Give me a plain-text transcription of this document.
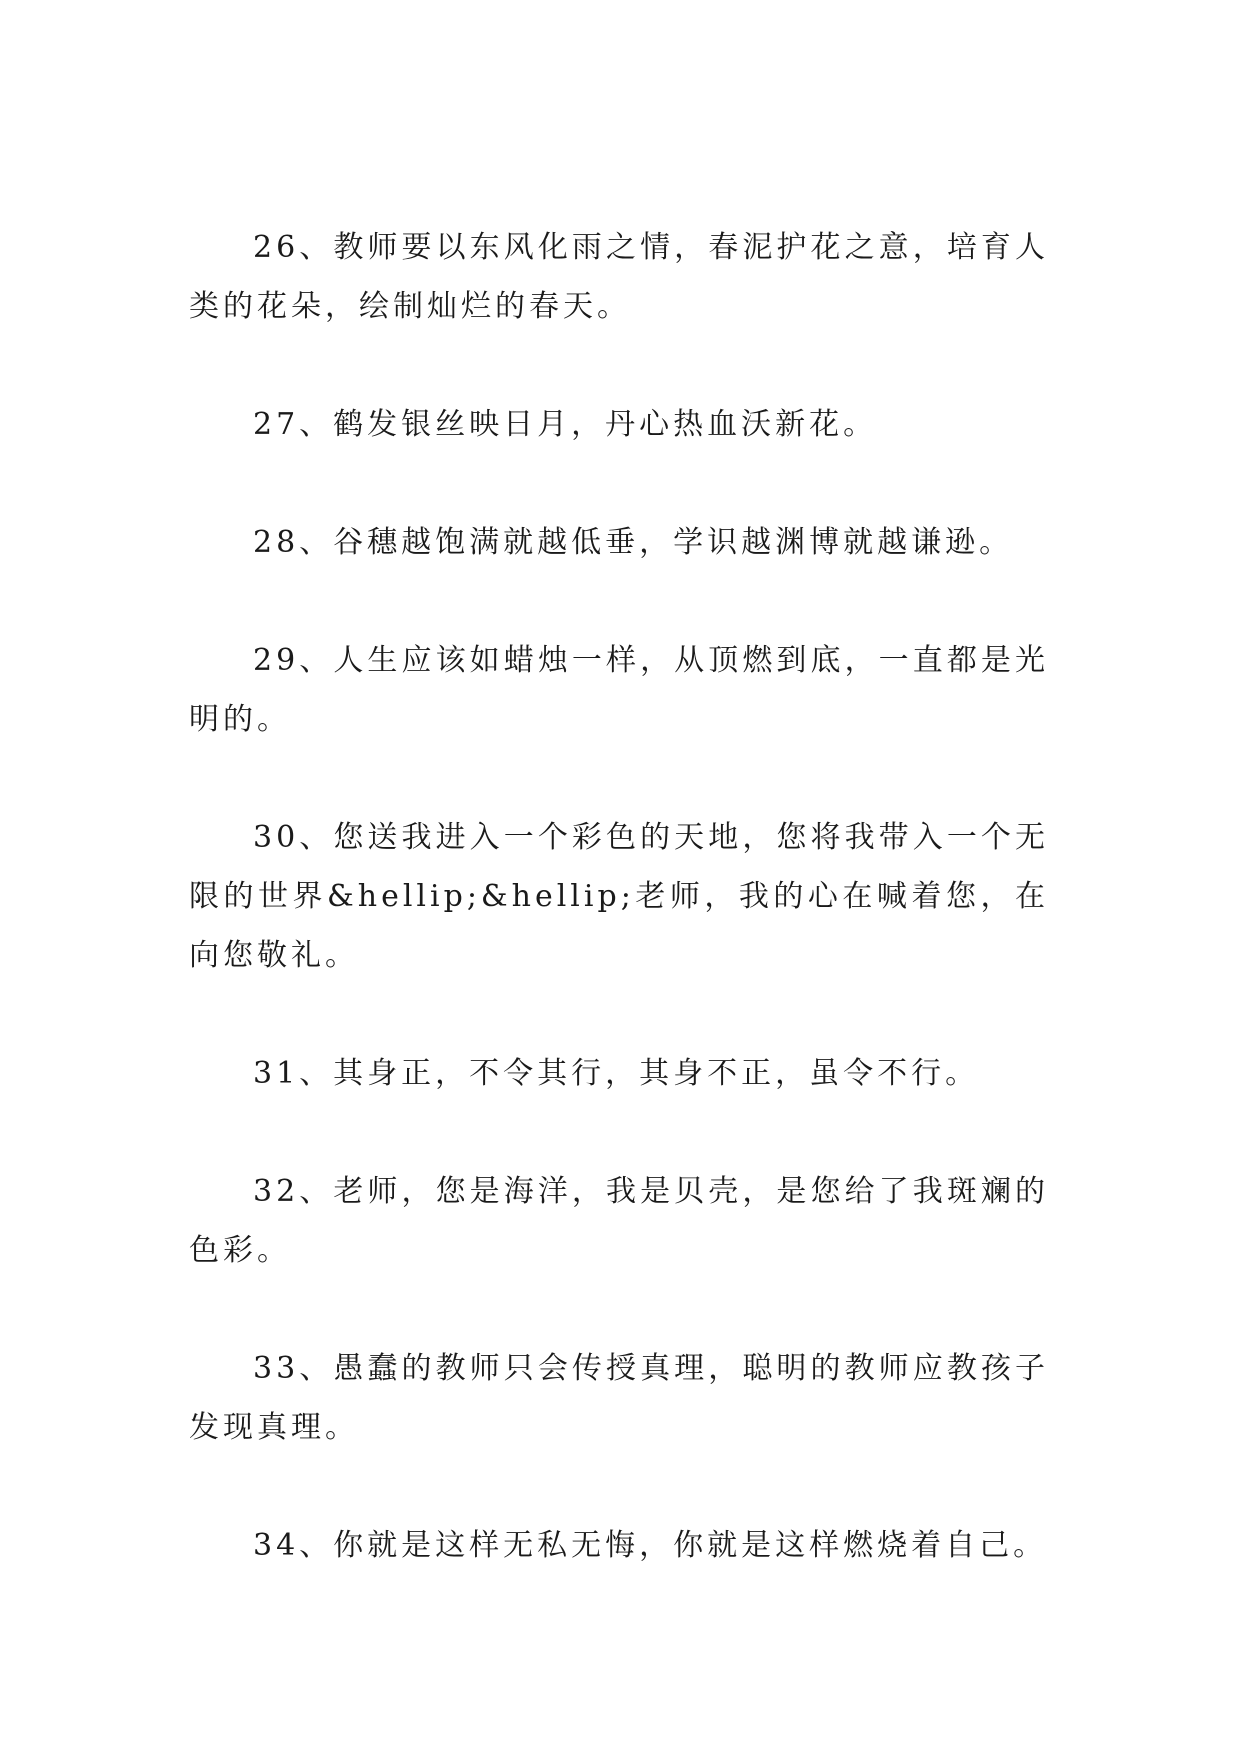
26、教师要以东风化雨之情，春泥护花之意，培育人类的花朵，绘制灿烂的春天。

27、鹤发银丝映日月，丹心热血沃新花。

28、谷穗越饱满就越低垂，学识越渊博就越谦逊。

29、人生应该如蜡烛一样，从顶燃到底，一直都是光明的。

30、您送我进入一个彩色的天地，您将我带入一个无限的世界&hellip;&hellip;老师，我的心在喊着您，在向您敬礼。

31、其身正，不令其行，其身不正，虽令不行。

32、老师，您是海洋，我是贝壳，是您给了我斑斓的色彩。

33、愚蠢的教师只会传授真理，聪明的教师应教孩子发现真理。

34、你就是这样无私无悔，你就是这样燃烧着自己。
